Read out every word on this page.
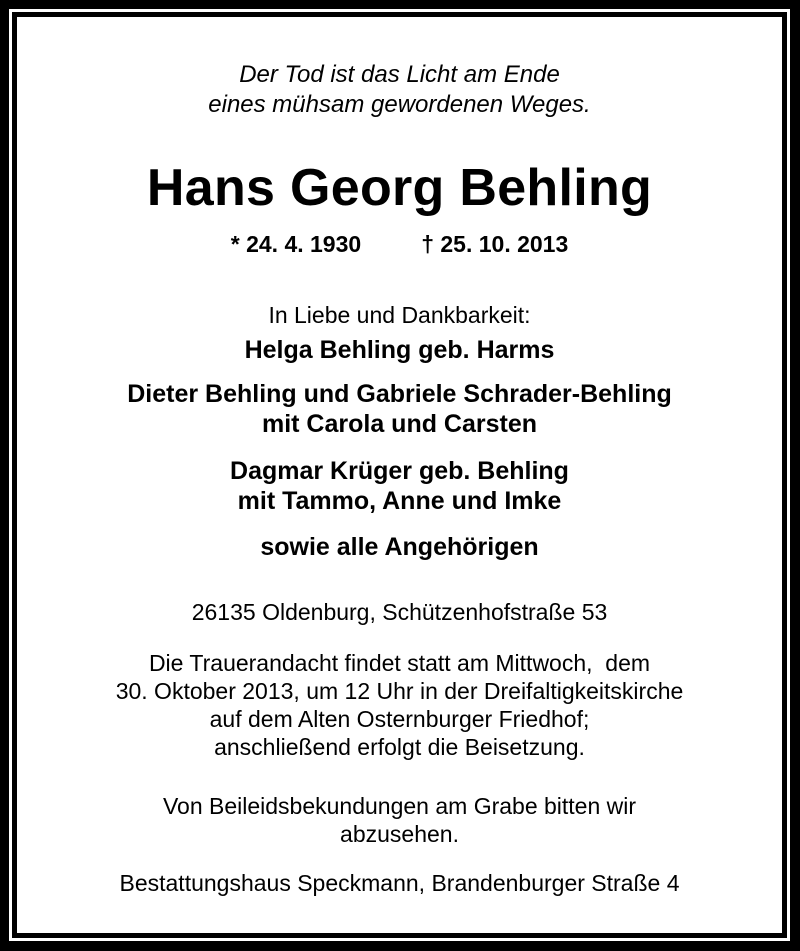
Der Tod ist das Licht am Ende
eines mühsam gewordenen Weges.
Hans Georg Behling
* 24. 4. 1930	† 25. 10. 2013
In Liebe und Dankbarkeit:
Helga Behling geb. Harms
Dieter Behling und Gabriele Schrader-Behling
mit Carola und Carsten
Dagmar Krüger geb. Behling
mit Tammo, Anne und Imke
sowie alle Angehörigen
26135 Oldenburg, Schützenhofstraße 53
Die Trauerandacht findet statt am Mittwoch,  dem
30. Oktober 2013, um 12 Uhr in der Dreifaltigkeitskirche
auf dem Alten Osternburger Friedhof;
anschließend erfolgt die Beisetzung.
Von Beileidsbekundungen am Grabe bitten wir
abzusehen.
Bestattungshaus Speckmann, Brandenburger Straße 4
